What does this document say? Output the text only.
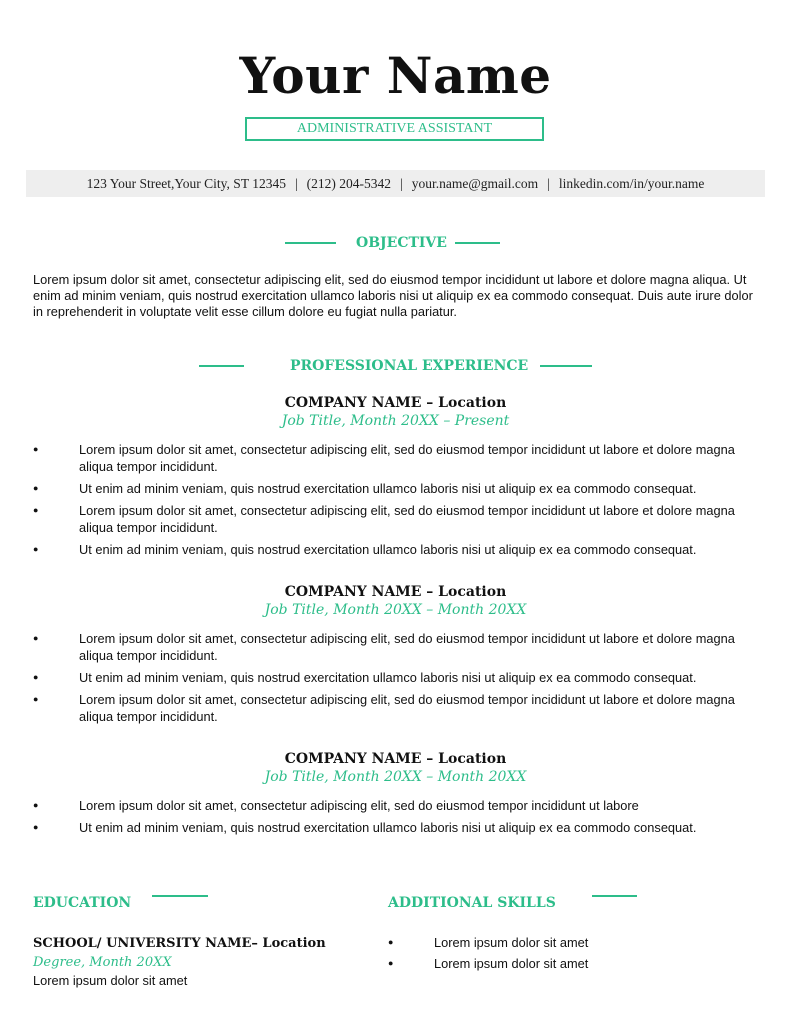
Your Name
ADMINISTRATIVE ASSISTANT
123 Your Street,Your City, ST 12345 | (212) 204-5342 | your.name@gmail.com | linkedin.com/in/your.name
OBJECTIVE
Lorem ipsum dolor sit amet, consectetur adipiscing elit, sed do eiusmod tempor incididunt ut labore et dolore magna aliqua. Ut enim ad minim veniam, quis nostrud exercitation ullamco laboris nisi ut aliquip ex ea commodo consequat. Duis aute irure dolor in reprehenderit in voluptate velit esse cillum dolore eu fugiat nulla pariatur.
PROFESSIONAL EXPERIENCE
COMPANY NAME – Location
Job Title, Month 20XX – Present
● Lorem ipsum dolor sit amet, consectetur adipiscing elit, sed do eiusmod tempor incididunt ut labore et dolore magna aliqua tempor incididunt.
● Ut enim ad minim veniam, quis nostrud exercitation ullamco laboris nisi ut aliquip ex ea commodo consequat.
● Lorem ipsum dolor sit amet, consectetur adipiscing elit, sed do eiusmod tempor incididunt ut labore et dolore magna aliqua tempor incididunt.
● Ut enim ad minim veniam, quis nostrud exercitation ullamco laboris nisi ut aliquip ex ea commodo consequat.
COMPANY NAME – Location
Job Title, Month 20XX – Month 20XX
● Lorem ipsum dolor sit amet, consectetur adipiscing elit, sed do eiusmod tempor incididunt ut labore et dolore magna aliqua tempor incididunt.
● Ut enim ad minim veniam, quis nostrud exercitation ullamco laboris nisi ut aliquip ex ea commodo consequat.
● Lorem ipsum dolor sit amet, consectetur adipiscing elit, sed do eiusmod tempor incididunt ut labore et dolore magna aliqua tempor incididunt.
COMPANY NAME – Location
Job Title, Month 20XX – Month 20XX
● Lorem ipsum dolor sit amet, consectetur adipiscing elit, sed do eiusmod tempor incididunt ut labore
● Ut enim ad minim veniam, quis nostrud exercitation ullamco laboris nisi ut aliquip ex ea commodo consequat.
EDUCATION
SCHOOL/ UNIVERSITY NAME– Location
Degree, Month 20XX
Lorem ipsum dolor sit amet
ADDITIONAL SKILLS
● Lorem ipsum dolor sit amet
● Lorem ipsum dolor sit amet
